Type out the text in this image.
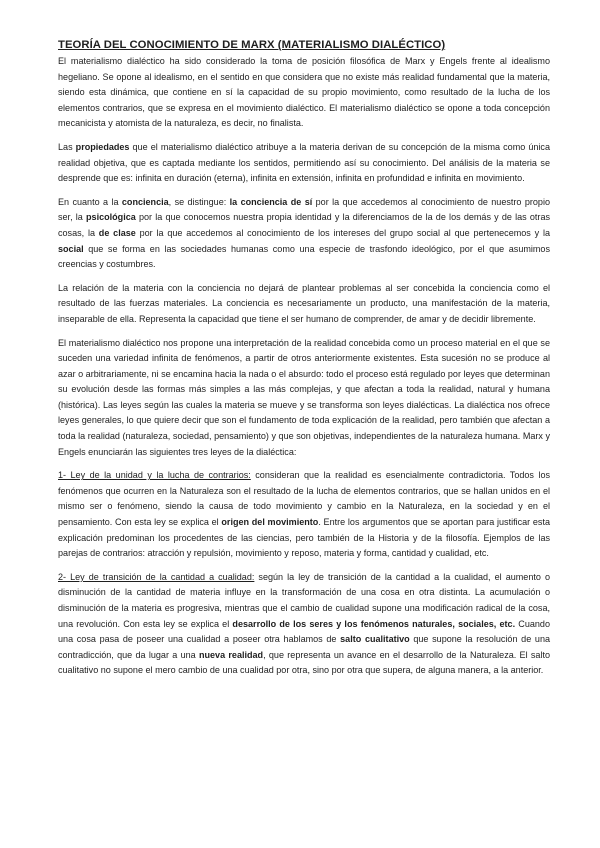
TEORÍA DEL CONOCIMIENTO DE MARX (MATERIALISMO DIALÉCTICO)

El materialismo dialéctico ha sido considerado la toma de posición filosófica de Marx y Engels frente al idealismo hegeliano. Se opone al idealismo, en el sentido en que considera que no existe más realidad fundamental que la materia, siendo esta dinámica, que contiene en sí la capacidad de su propio movimiento, como resultado de la lucha de los elementos contrarios, que se expresa en el movimiento dialéctico. El materialismo dialéctico se opone a toda concepción mecanicista y atomista de la naturaleza, es decir, no finalista.

Las propiedades que el materialismo dialéctico atribuye a la materia derivan de su concepción de la misma como única realidad objetiva, que es captada mediante los sentidos, permitiendo así su conocimiento. Del análisis de la materia se desprende que es: infinita en duración (eterna), infinita en extensión, infinita en profundidad e infinita en movimiento.

En cuanto a la conciencia, se distingue: la conciencia de sí por la que accedemos al conocimiento de nuestro propio ser, la psicológica por la que conocemos nuestra propia identidad y la diferenciamos de la de los demás y de las otras cosas, la de clase por la que accedemos al conocimiento de los intereses del grupo social al que pertenecemos y la social que se forma en las sociedades humanas como una especie de trasfondo ideológico, por el que asumimos creencias y costumbres.

La relación de la materia con la conciencia no dejará de plantear problemas al ser concebida la conciencia como el resultado de las fuerzas materiales. La conciencia es necesariamente un producto, una manifestación de la materia, inseparable de ella. Representa la capacidad que tiene el ser humano de comprender, de amar y de decidir libremente.

El materialismo dialéctico nos propone una interpretación de la realidad concebida como un proceso material en el que se suceden una variedad infinita de fenómenos, a partir de otros anteriormente existentes. Esta sucesión no se produce al azar o arbitrariamente, ni se encamina hacia la nada o el absurdo: todo el proceso está regulado por leyes que determinan su evolución desde las formas más simples a las más complejas, y que afectan a toda la realidad, natural y humana (histórica). Las leyes según las cuales la materia se mueve y se transforma son leyes dialécticas. La dialéctica nos ofrece leyes generales, lo que quiere decir que son el fundamento de toda explicación de la realidad, pero también que afectan a toda la realidad (naturaleza, sociedad, pensamiento) y que son objetivas, independientes de la naturaleza humana. Marx y Engels enunciarán las siguientes tres leyes de la dialéctica:

1- Ley de la unidad y la lucha de contrarios: consideran que la realidad es esencialmente contradictoria. Todos los fenómenos que ocurren en la Naturaleza son el resultado de la lucha de elementos contrarios, que se hallan unidos en el mismo ser o fenómeno, siendo la causa de todo movimiento y cambio en la Naturaleza, en la sociedad y en el pensamiento. Con esta ley se explica el origen del movimiento. Entre los argumentos que se aportan para justificar esta explicación predominan los procedentes de las ciencias, pero también de la Historia y de la filosofía. Ejemplos de las parejas de contrarios: atracción y repulsión, movimiento y reposo, materia y forma, cantidad y cualidad, etc.

2- Ley de transición de la cantidad a cualidad: según la ley de transición de la cantidad a la cualidad, el aumento o disminución de la cantidad de materia influye en la transformación de una cosa en otra distinta. La acumulación o disminución de la materia es progresiva, mientras que el cambio de cualidad supone una modificación radical de la cosa, una revolución. Con esta ley se explica el desarrollo de los seres y los fenómenos naturales, sociales, etc. Cuando una cosa pasa de poseer una cualidad a poseer otra hablamos de salto cualitativo que supone la resolución de una contradicción, que da lugar a una nueva realidad, que representa un avance en el desarrollo de la Naturaleza. El salto cualitativo no supone el mero cambio de una cualidad por otra, sino por otra que supera, de alguna manera, a la anterior.
